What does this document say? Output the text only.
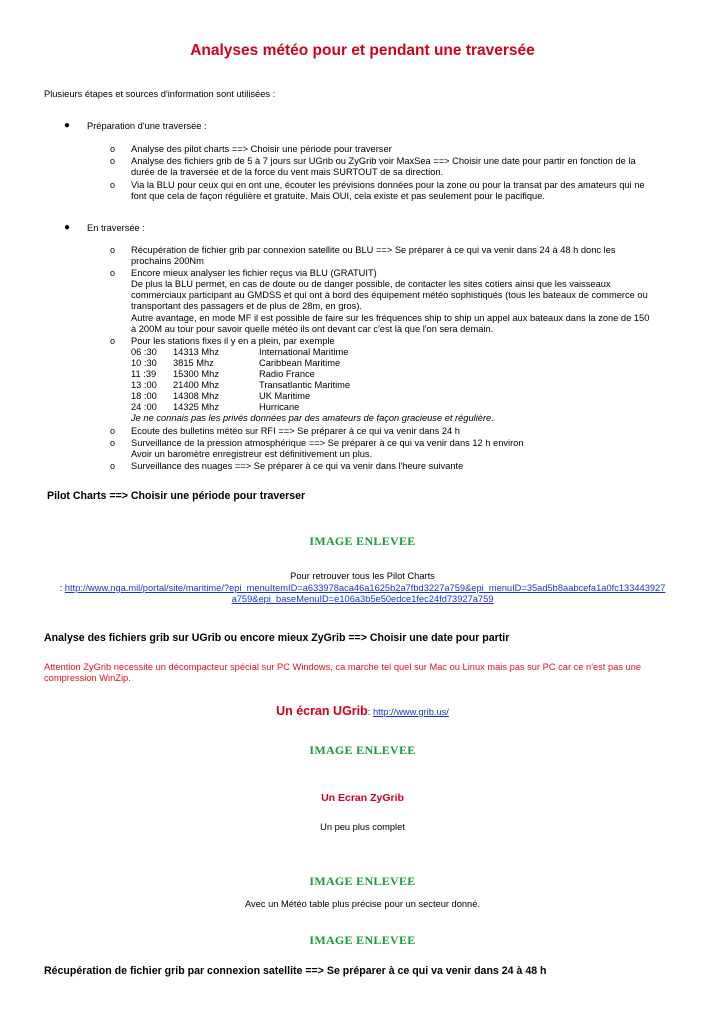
Analyses météo pour et pendant une traversée
Plusieurs étapes et sources d'information sont utilisées :
● Préparation d'une traversée :
o Analyse des pilot charts ==> Choisir une période pour traverser
o Analyse des fichiers grib de 5 à 7 jours sur UGrib ou ZyGrib voir MaxSea ==> Choisir une date pour partir en fonction de la
durée de la traversée et de la force du vent mais SURTOUT de sa direction.
o Via la BLU pour ceux qui en ont une, écouter les prévisions données pour la zone ou pour la transat par des amateurs qui ne
font que cela de façon régulière et gratuite. Mais OUI, cela existe et pas seulement pour le pacifique.
● En traversée :
o Récupération de fichier grib par connexion satellite ou BLU ==> Se préparer à ce qui va venir dans 24 à 48 h donc les
prochains 200Nm
o Encore mieux analyser les fichier reçus via BLU (GRATUIT)
De plus la BLU permet, en cas de doute ou de danger possible, de contacter les sites cotiers ainsi que les vaisseaux
commerciaux participant au GMDSS et qui ont à bord des équipement météo sophistiqués (tous les bateaux de commerce ou
transportant des passagers et de plus de 28m, en gros).
Autre avantage, en mode MF il est possible de faire sur les fréquences ship to ship un appel aux bateaux dans la zone de 150
à 200M au tour pour savoir quelle météo ils ont devant car c'est là que l'on sera demain.
o Pour les stations fixes il y en a plein, par exemple
06 :30 14313 Mhz	International Maritime
10 :30 3815 Mhz	Caribbean Maritime
11 :39 15300 Mhz	Radio France
13 :00 21400 Mhz	Transatlantic Maritime
18 :00 14308 Mhz	UK Maritime
24 :00 14325 Mhz	Hurricane
Je ne connais pas les privés données par des amateurs de façon gracieuse et régulière.
o Ecoute des bulletins météo sur RFI ==> Se préparer à ce qui va venir dans 24 h
o Surveillance de la pression atmosphérique ==> Se préparer à ce qui va venir dans 12 h environ
Avoir un baromètre enregistreur est définitivement un plus.
o Surveillance des nuages ==> Se préparer à ce qui va venir dans l'heure suivante
Pilot Charts ==> Choisir une période pour traverser
IMAGE ENLEVEE
Pour retrouver tous les Pilot Charts
: http://www.nga.mil/portal/site/maritime/?epi_menuItemID=a633978aca46a1625b2a7fbd3227a759&epi_menuID=35ad5b8aabcefa1a0fc133443927
a759&epi_baseMenuID=e106a3b5e50edce1fec24fd73927a759
Analyse des fichiers grib sur UGrib ou encore mieux ZyGrib ==> Choisir une date pour partir
Attention ZyGrib necessite un décompacteur spécial sur PC Windows, ca marche tel quel sur Mac ou Linux mais pas sur PC car ce n'est pas une
compression WinZip.
Un écran UGrib: http://www.grib.us/
IMAGE ENLEVEE
Un Ecran ZyGrib
Un peu plus complet
IMAGE ENLEVEE
Avec un Météo table plus précise pour un secteur donné.
IMAGE ENLEVEE
Récupération de fichier grib par connexion satellite ==> Se préparer à ce qui va venir dans 24 à 48 h
